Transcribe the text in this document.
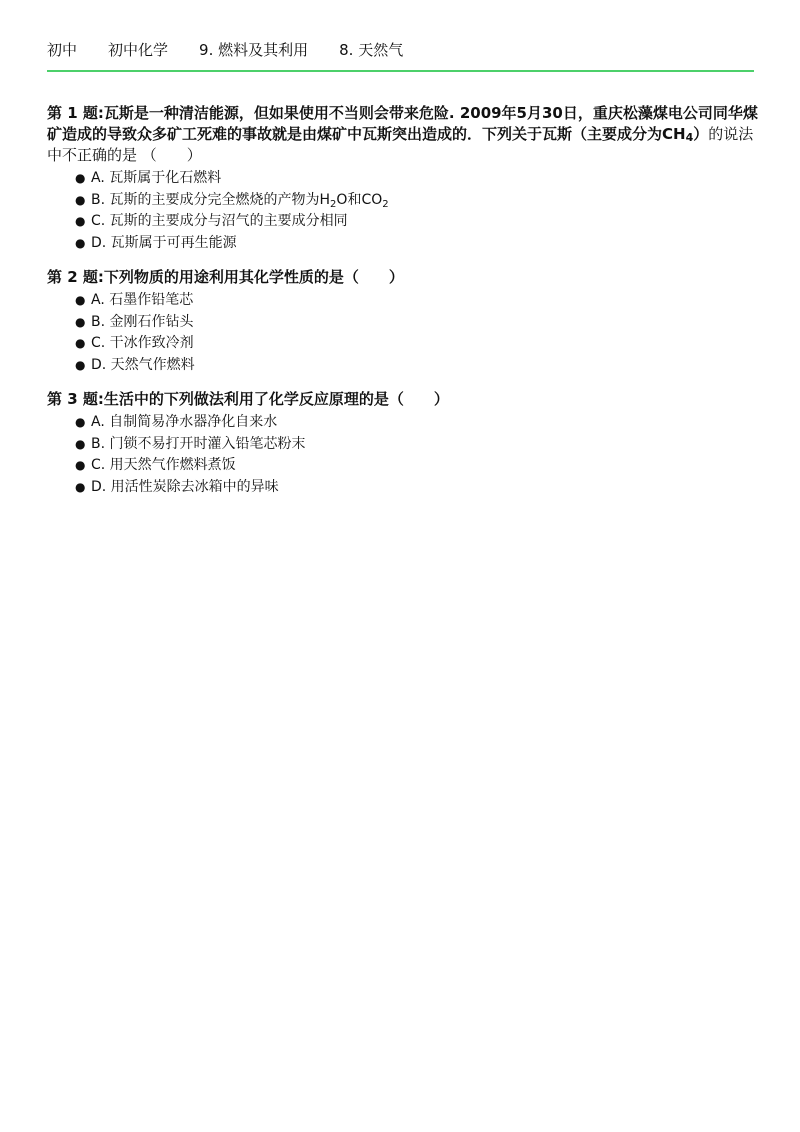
初中 初中化学 9. 燃料及其利用 8. 天然气

第 1 题:瓦斯是一种清洁能源，但如果使用不当则会带来危险. 2009年5月30日，重庆松藻煤电公司同华煤矿造成的导致众多矿工死难的事故就是由煤矿中瓦斯突出造成的．下列关于瓦斯（主要成分为$CH_4$）的说法中不正确的是 （　　）

● A. 瓦斯属于化石燃料
● B. 瓦斯的主要成分完全燃烧的产物为$H_2O$和$CO_2$
● C. 瓦斯的主要成分与沼气的主要成分相同
● D. 瓦斯属于可再生能源

第 2 题:下列物质的用途利用其化学性质的是（　　）

● A. 石墨作铅笔芯
● B. 金刚石作钻头
● C. 干冰作致冷剂
● D. 天然气作燃料

第 3 题:生活中的下列做法利用了化学反应原理的是（　　）

● A. 自制简易净水器净化自来水
● B. 门锁不易打开时灌入铅笔芯粉末
● C. 用天然气作燃料煮饭
● D. 用活性炭除去冰箱中的异味
